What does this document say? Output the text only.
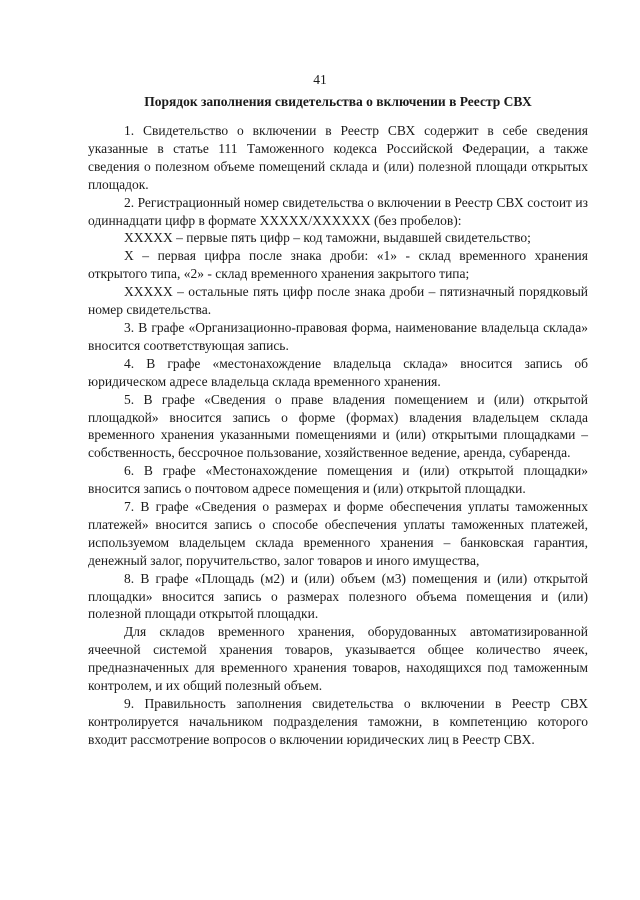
41
Порядок заполнения свидетельства о включении в Реестр СВХ

1. Свидетельство о включении в Реестр СВХ содержит в себе сведения указанные в статье 111 Таможенного кодекса Российской Федерации, а также сведения о полезном объеме помещений склада и (или) полезной площади открытых площадок.

2. Регистрационный номер свидетельства о включении в Реестр СВХ состоит из одиннадцати цифр в формате ХХХХХ/ХХХХХХ (без пробелов):

ХХХХХ – первые пять цифр – код таможни, выдавшей свидетельство;

Х – первая цифра после знака дроби: «1» - склад временного хранения открытого типа, «2» - склад временного хранения закрытого типа;

ХХХХХ – остальные пять цифр после знака дроби – пятизначный порядковый номер свидетельства.

3. В графе «Организационно-правовая форма, наименование владельца склада» вносится соответствующая запись.

4. В графе «местонахождение владельца склада» вносится запись об юридическом адресе владельца склада временного хранения.

5. В графе «Сведения о праве владения помещением и (или) открытой площадкой» вносится запись о форме (формах) владения владельцем склада временного хранения указанными помещениями и (или) открытыми площадками – собственность, бессрочное пользование, хозяйственное ведение, аренда, субаренда.

6. В графе «Местонахождение помещения и (или) открытой площадки» вносится запись о почтовом адресе помещения и (или) открытой площадки.

7. В графе «Сведения о размерах и форме обеспечения уплаты таможенных платежей» вносится запись о способе обеспечения уплаты таможенных платежей, используемом владельцем склада временного хранения – банковская гарантия, денежный залог, поручительство, залог товаров и иного имущества,

8. В графе «Площадь (м2) и (или) объем (м3) помещения и (или) открытой площадки» вносится запись о размерах полезного объема помещения и (или) полезной площади открытой площадки.

Для складов временного хранения, оборудованных автоматизированной ячеечной системой хранения товаров, указывается общее количество ячеек, предназначенных для временного хранения товаров, находящихся под таможенным контролем, и их общий полезный объем.

9. Правильность заполнения свидетельства о включении в Реестр СВХ контролируется начальником подразделения таможни, в компетенцию которого входит рассмотрение вопросов о включении юридических лиц в Реестр СВХ.
